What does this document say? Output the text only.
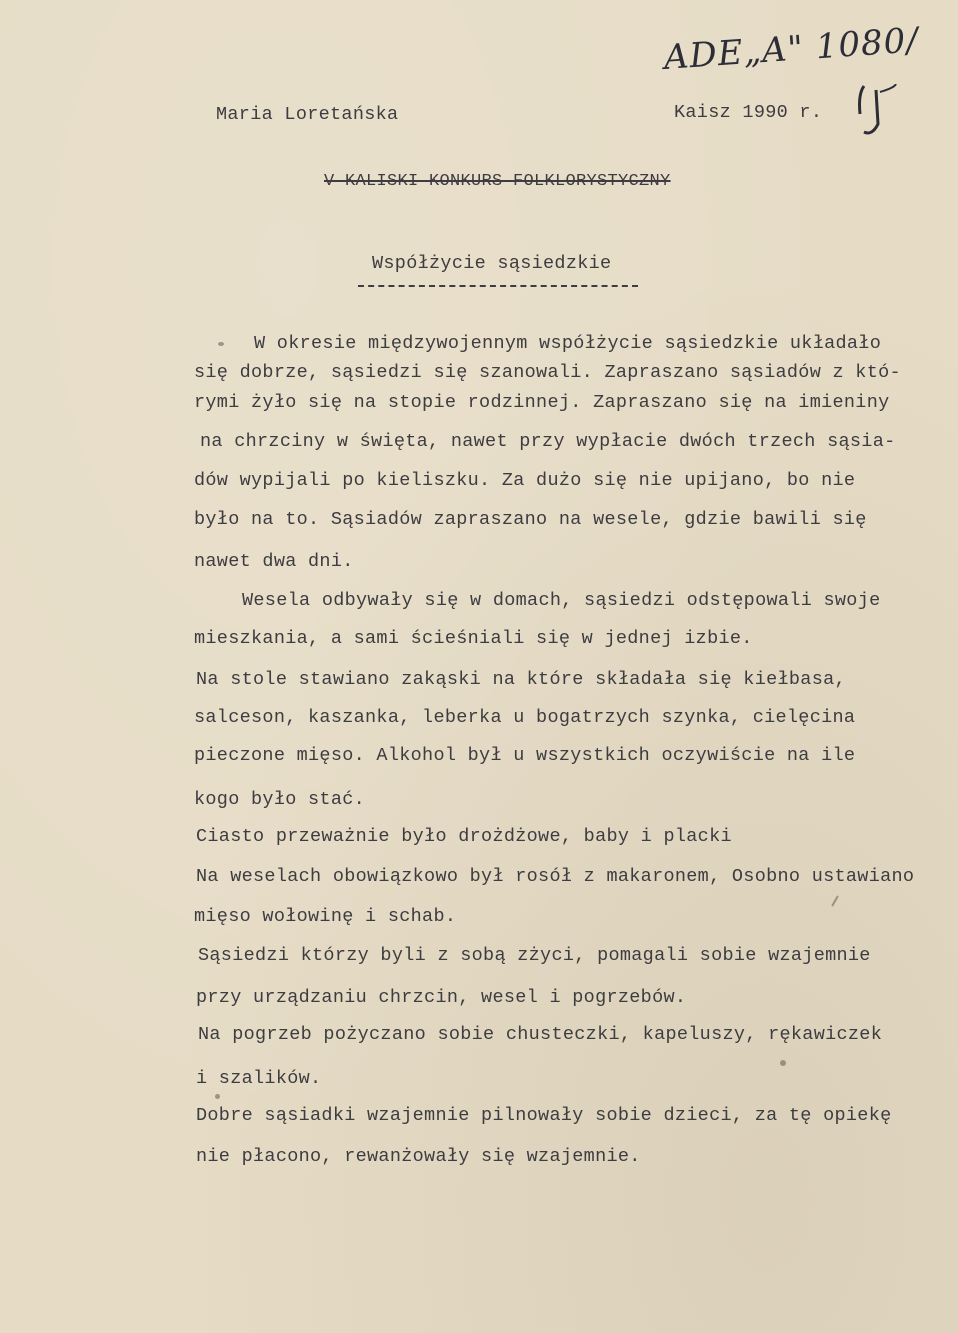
ADE„A" 1080/
Maria Loretańska	Kaisz 1990 r.
V KALISKI KONKURS FOLKLORYSTYCZNY
Współżycie sąsiedzkie
W okresie międzywojennym współżycie sąsiedzkie układało
się dobrze, sąsiedzi się szanowali. Zapraszano sąsiadów z któ-
rymi żyło się na stopie rodzinnej. Zapraszano się na imieniny
na chrzciny w święta, nawet przy wypłacie dwóch trzech sąsia-
dów wypijali po kieliszku. Za dużo się nie upijano, bo nie
było na to. Sąsiadów zapraszano na wesele, gdzie bawili się
nawet dwa dni.
Wesela odbywały się w domach, sąsiedzi odstępowali swoje
mieszkania, a sami ścieśniali się w jednej izbie.
Na stole stawiano zakąski na które składała się kiełbasa,
salceson, kaszanka, leberka u bogatrzych szynka, cielęcina
pieczone mięso. Alkohol był u wszystkich oczywiście na ile
kogo było stać.
Ciasto przeważnie było drożdżowe, baby i placki
Na weselach obowiązkowo był rosół z makaronem, Osobno ustawiano
mięso wołowinę i schab.
Sąsiedzi którzy byli z sobą zżyci, pomagali sobie wzajemnie
przy urządzaniu chrzcin, wesel i pogrzebów.
Na pogrzeb pożyczano sobie chusteczki, kapeluszy, rękawiczek
i szalików.
Dobre sąsiadki wzajemnie pilnowały sobie dzieci, za tę opiekę
nie płacono, rewanżowały się wzajemnie.
